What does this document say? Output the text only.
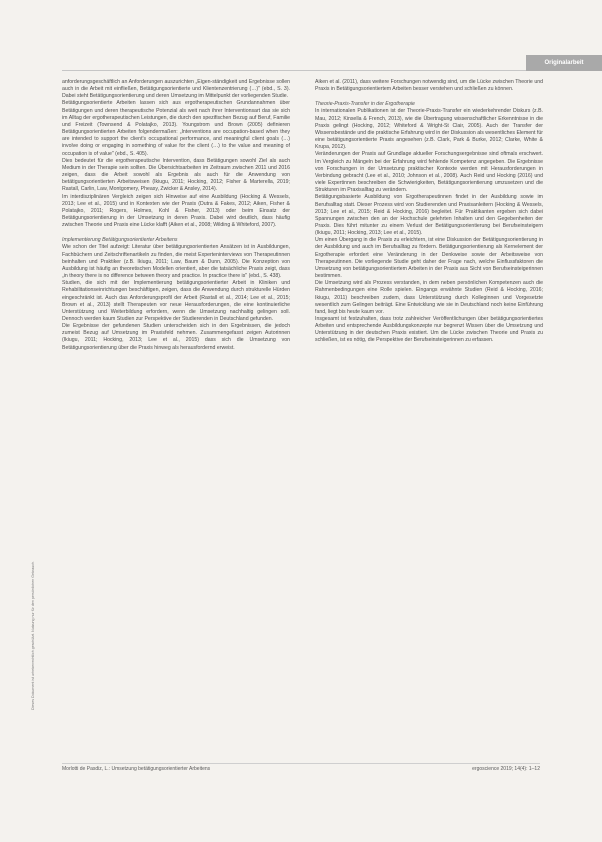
Originalarbeit
Dieses Dokument ist urheberrechtlich geschützt. Nutzung nur für den persönlichen Gebrauch.

anforderungsgeschäftlich an Anforderungen auszurichten „Eigen-ständigkeit und Ergebnisse sollen auch in die Arbeit mit einfließen, Betätigungsorientierte und Klientenzentrierung (…)" (ebd., S. 3). Dabei steht Betätigungsorientierung und deren Umsetzung im Mittelpunkt der vorliegenden Studie.

Betätigungsorientierte Arbeiten lassen sich aus ergotherapeutischen Grundannahmen über Betätigungen und deren therapeutische Potenzial als weit nach ihrer Interventionsart das sie sich im Alltag der ergotherapeutischen Leistungen, die durch den spezifischen Bezug auf Beruf, Familie und Freizeit (Townsend & Polatajko, 2013). Youngstrom und Brown (2005) definieren Betätigungsorientierten Arbeiten folgendermaßen: „Interventions are occupation-based when they are intended to support the client's occupational performance, and meaningful client goals (…) involve doing or engaging in something of value for the client (…) to the value and meaning of occupation is of value" (ebd., S. 405).

Dies bedeutet für die ergotherapeutische Intervention, dass Betätigungen sowohl Ziel als auch Medium in der Therapie sein sollten. Die Übersichtsarbeiten im Zeitraum zwischen 2011 und 2016 zeigen, dass die Arbeit sowohl als Ergebnis als auch für die Anwendung von betätigungsorientierten Arbeitsweisen (Ikiugu, 2011; Hocking, 2012; Fisher & Marterella, 2019; Rastall, Carlin, Law, Montgomery, Pheasy, Zwicker & Ansley, 2014).

Im interdisziplinären Vergleich zeigen sich Hinweise auf eine Ausbildung (Hocking & Wessels, 2013; Lee et al., 2015) und in Kontexten wie der Praxis (Dutra & Fakes, 2012; Aiken, Fisher & Polatajko, 2011; Rogers, Holmes, Kohl & Fisher, 2013) oder beim Einsatz der Betätigungsorientierung in der Umsetzung in deren Praxis. Dabei wird deutlich, dass häufig zwischen Theorie und Praxis eine Lücke klafft (Aiken et al., 2008; Wilding & Whiteford, 2007).

Implementierung Betätigungsorientierter Arbeitens

Wie schon der Titel aufzeigt: Literatur über betätigungsorientierten Ansätzen ist in Ausbildungen, Fachbüchern und Zeitschriftenartikeln zu finden, die meist Experteninterviews von Therapeutinnen beinhalten und Praktiker (z.B. Ikiugu, 2011; Law, Baum & Dunn, 2005). Die Konzeption von Ausbildung ist häufig an theoretischen Modellen orientiert, aber die tatsächliche Praxis zeigt, dass „in theory there is no difference between theory and practice. In practice there is" (ebd., S. 438).

Studien, die sich mit der Implementierung betätigungsorientierter Arbeit in Kliniken und Rehabilitationseinrichtungen beschäftigen, zeigen, dass die Anwendung durch strukturelle Hürden eingeschränkt ist. Auch das Anforderungsprofil der Arbeit (Rastall et al., 2014; Lee et al., 2015; Brown et al., 2013) stellt Therapeuten vor neue Herausforderungen, die eine kontinuierliche Unterstützung und Weiterbildung erfordern, wenn die Umsetzung nachhaltig gelingen soll. Dennoch werden kaum Studien zur Perspektive der Studierenden in Deutschland gefunden.

Die Ergebnisse der gefundenen Studien unterscheiden sich in den Ergebnissen, die jedoch zumeist Bezug auf Umsetzung im Praxisfeld nehmen. Zusammengefasst zeigen Autorinnen (Ikiugu, 2011; Hocking, 2013; Lee et al., 2015) dass sich die Umsetzung von Betätigungsorientierung über die Praxis hinweg als herausfordernd erweist.

Aiken et al. (2011), dass weitere Forschungen notwendig sind, um die Lücke zwischen Theorie und Praxis in Betätigungsorientiertem Arbeiten besser verstehen und schließen zu können.

Theorie-Praxis-Transfer in der Ergotherapie

In internationalen Publikationen ist der Theorie-Praxis-Transfer ein wiederkehrender Diskurs (z.B. Mau, 2012; Kinsella & French, 2013), wie die Übertragung wissenschaftlicher Erkenntnisse in die Praxis gelingt (Hocking, 2012; Whiteford & Wright-St Clair, 2005). Auch der Transfer der Wissensbestände und die praktische Erfahrung wird in der Diskussion als wesentliches Element für eine betätigungsorientierte Praxis angesehen (z.B. Clark, Park & Burke, 2012; Clarke, White & Krupa, 2012).

Veränderungen der Praxis auf Grundlage aktueller Forschungsergebnisse sind oftmals erschwert. Im Vergleich zu Mängeln bei der Erfahrung wird fehlende Kompetenz angegeben. Die Ergebnisse von Forschungen in der Umsetzung praktischer Kontexte werden mit Herausforderungen in Verbindung gebracht (Lee et al., 2010; Johnson et al., 2008). Auch Reid und Hocking (2016) und viele Expertinnen beschreiben die Schwierigkeiten, Betätigungsorientierung umzusetzen und die Strukturen im Praxisalltag zu verändern.

Betätigungsbasierte Ausbildung von Ergotherapeutinnen findet in der Ausbildung sowie im Berufsalltag statt. Dieser Prozess wird von Studierenden und Praxisanleitern (Hocking & Wessels, 2013; Lee et al., 2015; Reid & Hocking, 2016) begleitet. Für Praktikanten ergeben sich dabei Spannungen zwischen den an der Hochschule gelehrten Inhalten und den Gegebenheiten der Praxis. Dies führt mitunter zu einem Verlust der Betätigungsorientierung bei Berufseinsteigern (Ikiugu, 2011; Hocking, 2013; Lee et al., 2015).

Um einen Übergang in die Praxis zu erleichtern, ist eine Diskussion der Betätigungsorientierung in der Ausbildung und auch im Berufsalltag zu fördern. Betätigungsorientierung als Kernelement der Ergotherapie erfordert eine Veränderung in der Denkweise sowie der Arbeitsweise von Therapeutinnen. Die vorliegende Studie geht daher der Frage nach, welche Einflussfaktoren die Umsetzung von betätigungsorientiertem Arbeiten in der Praxis aus Sicht von Berufseinsteigerinnen bestimmen.

Die Umsetzung wird als Prozess verstanden, in dem neben persönlichen Kompetenzen auch die Rahmenbedingungen eine Rolle spielen. Eingangs erwähnte Studien (Reid & Hocking, 2016; Ikiugu, 2011) beschreiben zudem, dass Unterstützung durch Kolleginnen und Vorgesetzte wesentlich zum Gelingen beiträgt. Eine Entwicklung wie sie in Deutschland noch keine Einführung fand, liegt bis heute kaum vor.

Insgesamt ist festzuhalten, dass trotz zahlreicher Veröffentlichungen über betätigungsorientiertes Arbeiten und entsprechende Ausbildungskonzepte nur begrenzt Wissen über die Umsetzung und Unterstützung in der deutschen Praxis existiert. Um die Lücke zwischen Theorie und Praxis zu schließen, ist es nötig, die Perspektive der Berufseinsteigerinnen zu erfassen.

Morlotti de Pasdiz, L.: Umsetzung betätigungsorientierter Arbeitens	ergoscience 2019; 14(4): 1–12
